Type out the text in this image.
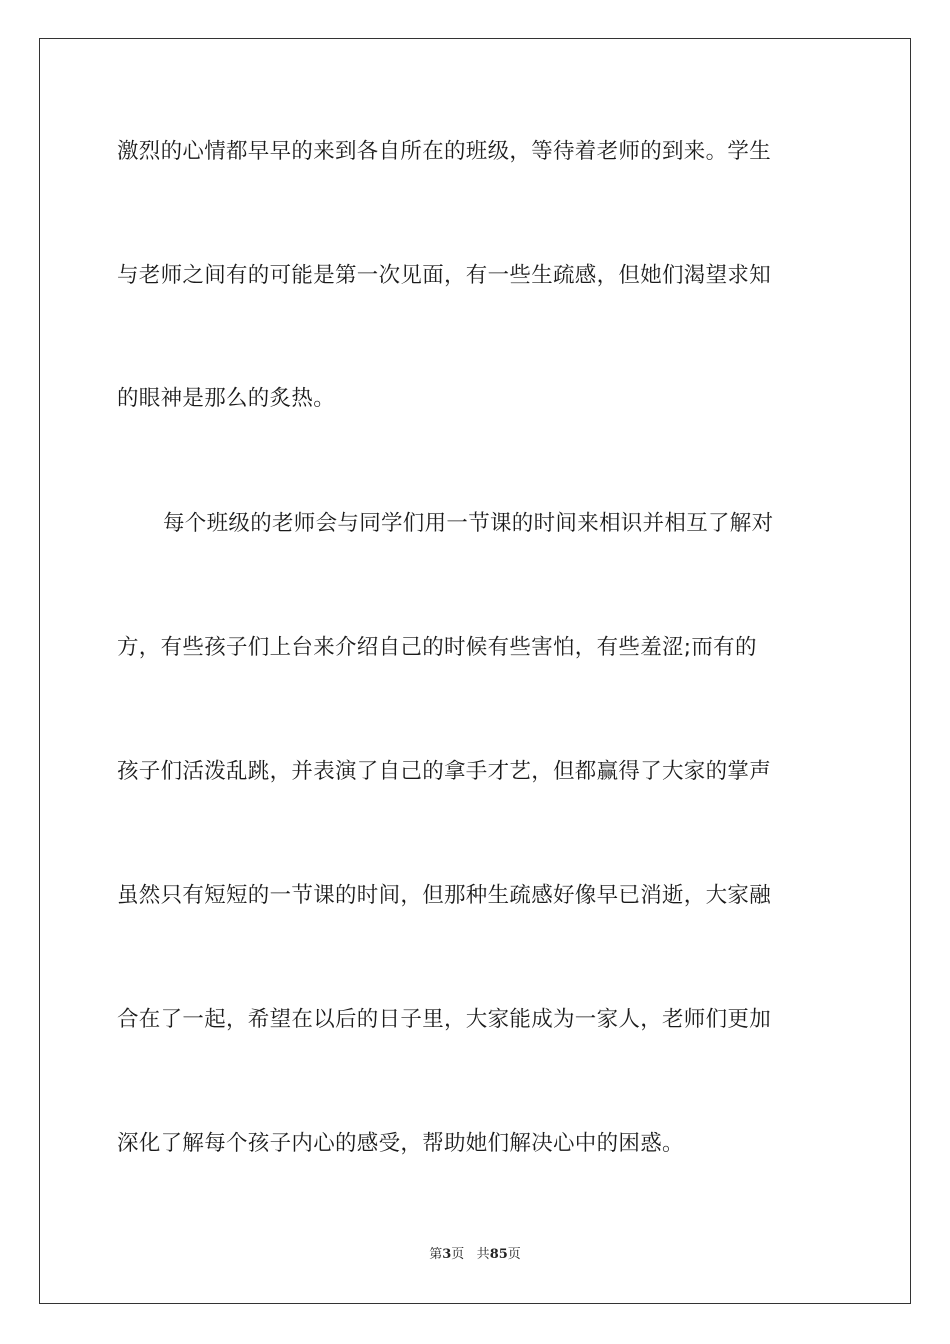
激烈的心情都早早的来到各自所在的班级，等待着老师的到来。学生
与老师之间有的可能是第一次见面，有一些生疏感，但她们渴望求知
的眼神是那么的炙热。
每个班级的老师会与同学们用一节课的时间来相识并相互了解对
方，有些孩子们上台来介绍自己的时候有些害怕，有些羞涩;而有的
孩子们活泼乱跳，并表演了自己的拿手才艺，但都赢得了大家的掌声
虽然只有短短的一节课的时间，但那种生疏感好像早已消逝，大家融
合在了一起，希望在以后的日子里，大家能成为一家人，老师们更加
深化了解每个孩子内心的感受，帮助她们解决心中的困惑。
第3页 共85页
